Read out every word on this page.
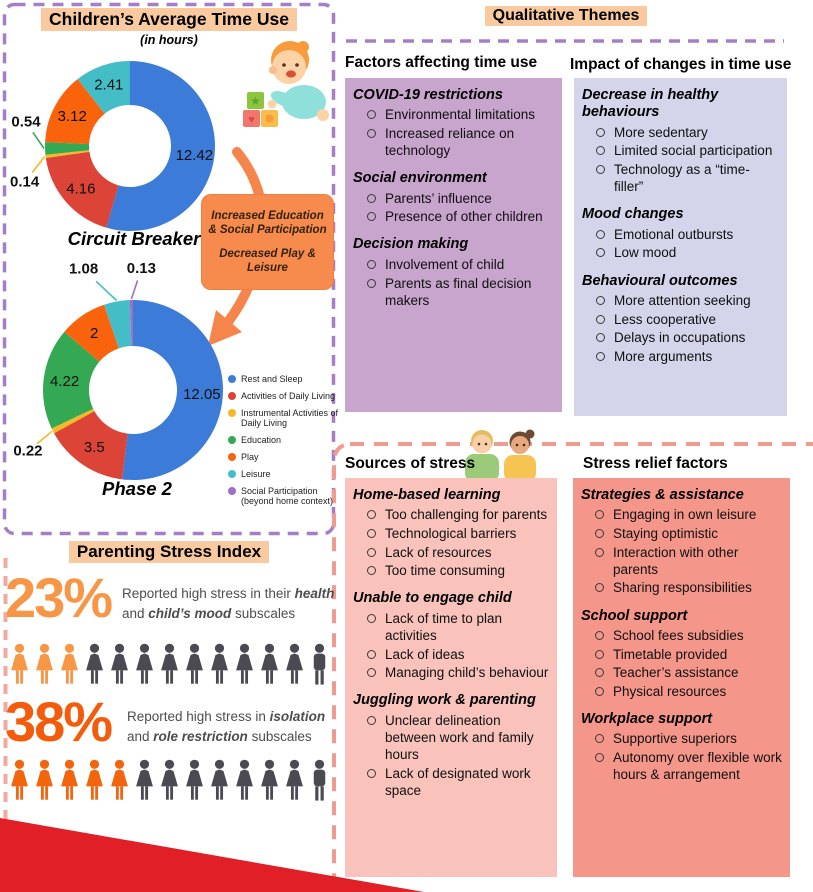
Children’s Average Time Use
(in hours)
12.42
4.16
0.14
0.54 3.12
2.41
Circuit Breaker
Increased Education & Social Participation
Decreased Play & Leisure
12.05
3.5
0.22
4.22
2
1.08 0.13
Phase 2
Rest and Sleep
Activities of Daily Living
Instrumental Activities of Daily Living
Education
Play
Leisure
Social Participation (beyond home context)
★
♥
Qualitative Themes
Factors affecting time use Impact of changes in time use
COVID-19 restrictions
Environmental limitations
Increased reliance on technology
Social environment
Parents’ influence
Presence of other children
Decision making
Involvement of child
Parents as final decision makers
Decrease in healthy behaviours
More sedentary
Limited social participation
Technology as a “time-filler”
Mood changes
Emotional outbursts
Low mood
Behavioural outcomes
More attention seeking
Less cooperative
Delays in occupations
More arguments
Sources of stress	Stress relief factors
Home-based learning
Too challenging for parents
Technological barriers
Lack of resources
Too time consuming
Unable to engage child
Lack of time to plan activities
Lack of ideas
Managing child’s behaviour
Juggling work & parenting
Unclear delineation between work and family hours
Lack of designated work space
Strategies & assistance
Engaging in own leisure
Staying optimistic
Interaction with other parents
Sharing responsibilities
School support
School fees subsidies
Timetable provided
Teacher’s assistance
Physical resources
Workplace support
Supportive superiors
Autonomy over flexible work hours & arrangement
Parenting Stress Index
23% Reported high stress in their health and child’s mood subscales
38% Reported high stress in isolation and role restriction subscales
